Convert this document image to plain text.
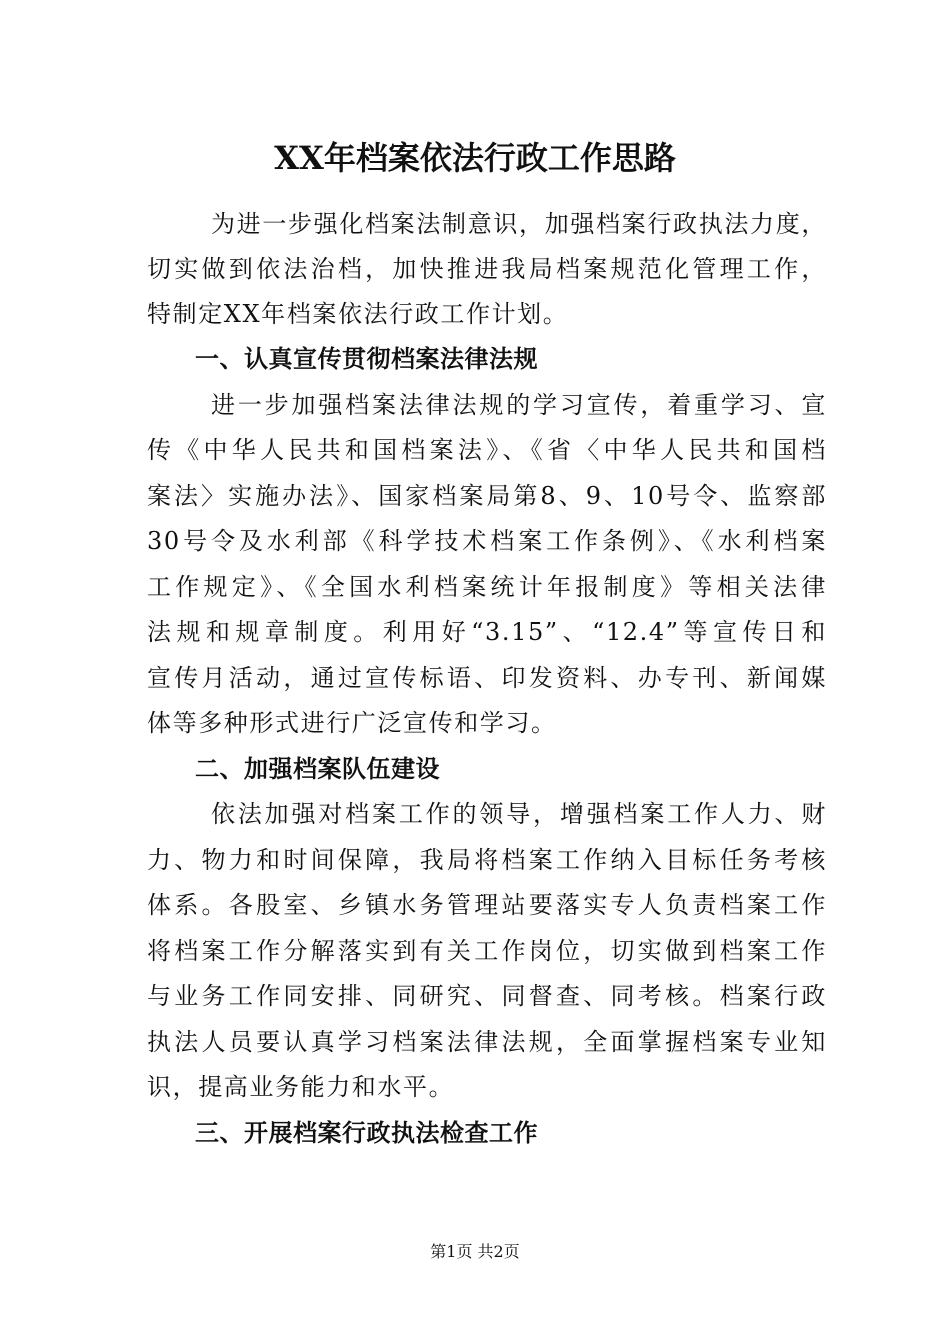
XX年档案依法行政工作思路
为进一步强化档案法制意识，加强档案行政执法力度，
切实做到依法治档，加快推进我局档案规范化管理工作，
特制定XX年档案依法行政工作计划。
一、认真宣传贯彻档案法律法规
进一步加强档案法律法规的学习宣传，着重学习、宣
传《中华人民共和国档案法》、《省〈中华人民共和国档
案法〉实施办法》、国家档案局第8、9、10号令、监察部
30号令及水利部《科学技术档案工作条例》、《水利档案
工作规定》、《全国水利档案统计年报制度》等相关法律
法规和规章制度。利用好“3.15”、“12.4”等宣传日和
宣传月活动，通过宣传标语、印发资料、办专刊、新闻媒
体等多种形式进行广泛宣传和学习。
二、加强档案队伍建设
依法加强对档案工作的领导，增强档案工作人力、财
力、物力和时间保障，我局将档案工作纳入目标任务考核
体系。各股室、乡镇水务管理站要落实专人负责档案工作
将档案工作分解落实到有关工作岗位，切实做到档案工作
与业务工作同安排、同研究、同督查、同考核。档案行政
执法人员要认真学习档案法律法规，全面掌握档案专业知
识，提高业务能力和水平。
三、开展档案行政执法检查工作
第1页 共2页
